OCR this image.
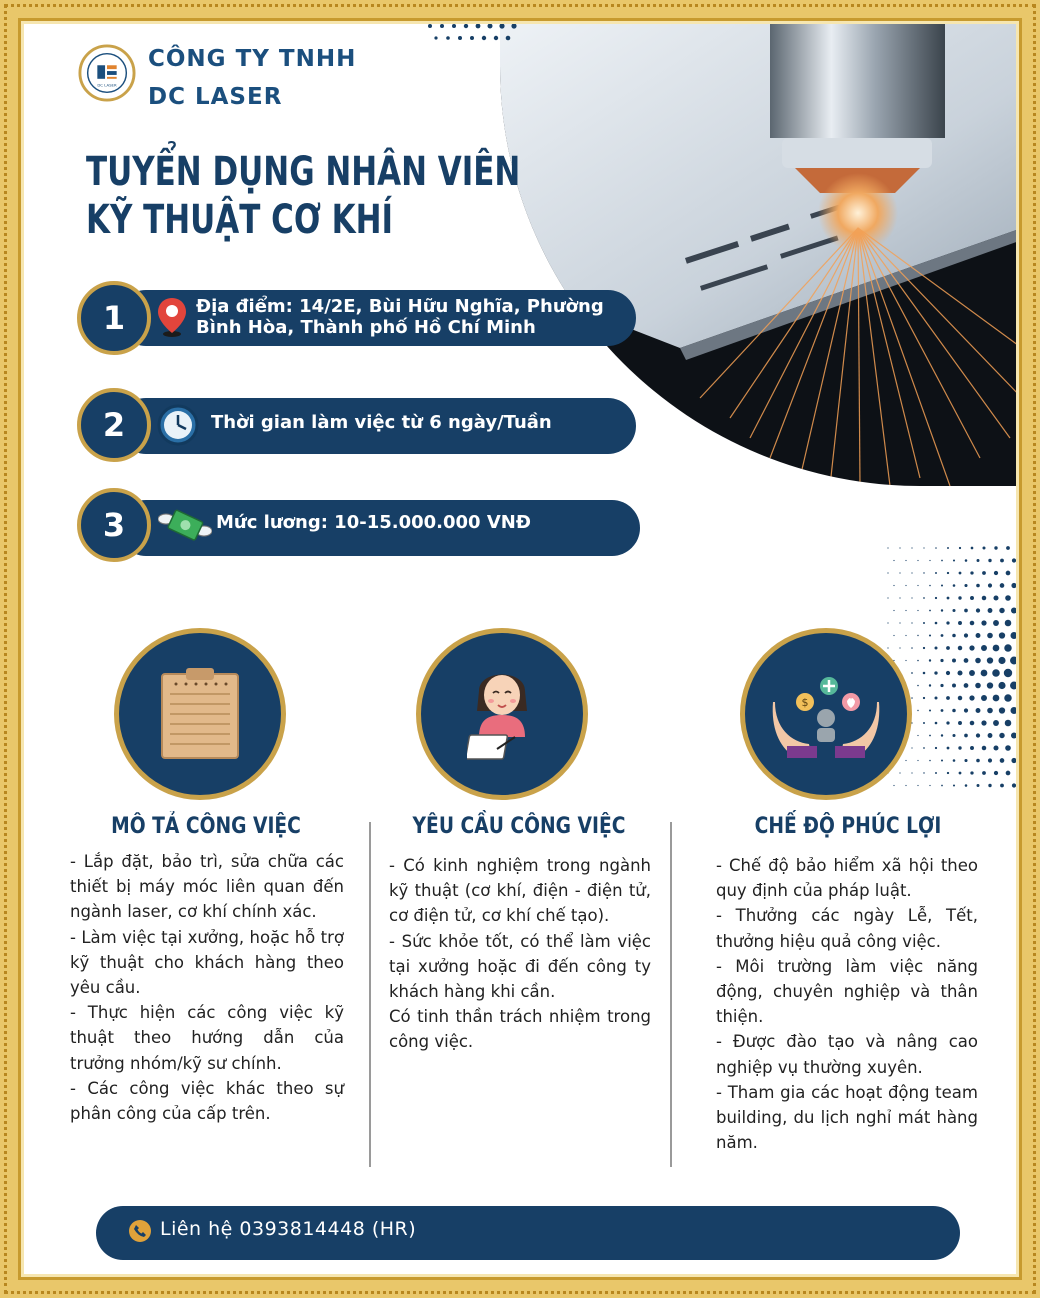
DC LASER
CÔNG TY TNHH
DC LASER
TUYỂN DỤNG NHÂN VIÊN
KỸ THUẬT CƠ KHÍ
1	Địa điểm: 14/2E, Bùi Hữu Nghĩa, Phường
Bình Hòa, Thành phố Hồ Chí Minh
2	Thời gian làm việc từ 6 ngày/Tuần
3	Mức lương: 10-15.000.000 VNĐ
$
MÔ TẢ CÔNG VIỆC	YÊU CẦU CÔNG VIỆC	CHẾ ĐỘ PHÚC LỢI

- Lắp đặt, bảo trì, sửa chữa các thiết bị máy móc liên quan đến ngành laser, cơ khí chính xác.

- Làm việc tại xưởng, hoặc hỗ trợ kỹ thuật cho khách hàng theo yêu cầu.

- Thực hiện các công việc kỹ thuật theo hướng dẫn của trưởng nhóm/kỹ sư chính.

- Các công việc khác theo sự phân công của cấp trên.

- Có kinh nghiệm trong ngành kỹ thuật (cơ khí, điện - điện tử, cơ điện tử, cơ khí chế tạo).

- Sức khỏe tốt, có thể làm việc tại xưởng hoặc đi đến công ty khách hàng khi cần.

Có tinh thần trách nhiệm trong công việc.

- Chế độ bảo hiểm xã hội theo quy định của pháp luật.

- Thưởng các ngày Lễ, Tết, thưởng hiệu quả công việc.

- Môi trường làm việc năng động, chuyên nghiệp và thân thiện.

- Được đào tạo và nâng cao nghiệp vụ thường xuyên.

- Tham gia các hoạt động team building, du lịch nghỉ mát hàng năm.

Liên hệ 0393814448 (HR)
